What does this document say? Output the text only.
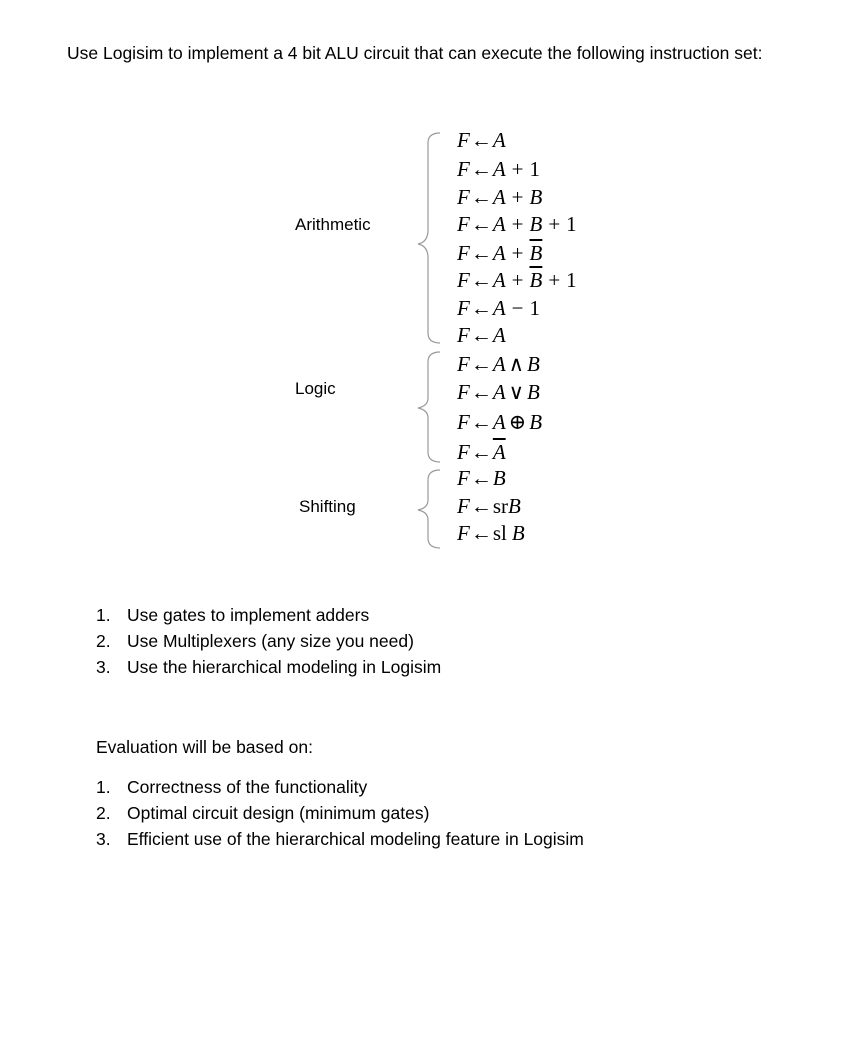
Use Logisim to implement a 4 bit ALU circuit that can execute the following instruction set:
Arithmetic
Logic
Shifting
F←A
F←A + 1
F←A + B
F←A + B + 1
F←A + $\overline{B}$
F←A + $\overline{B} + 1$
F←A − 1
F←A
F←A ∧ B
F←A ∨ B
F←A ⊕ B
$F\leftarrow\overline{A}$
F←B
F←srB
F←sl B
1. Use gates to implement adders
2. Use Multiplexers (any size you need)
3. Use the hierarchical modeling in Logisim
Evaluation will be based on:
1. Correctness of the functionality
2. Optimal circuit design (minimum gates)
3. Efficient use of the hierarchical modeling feature in Logisim
